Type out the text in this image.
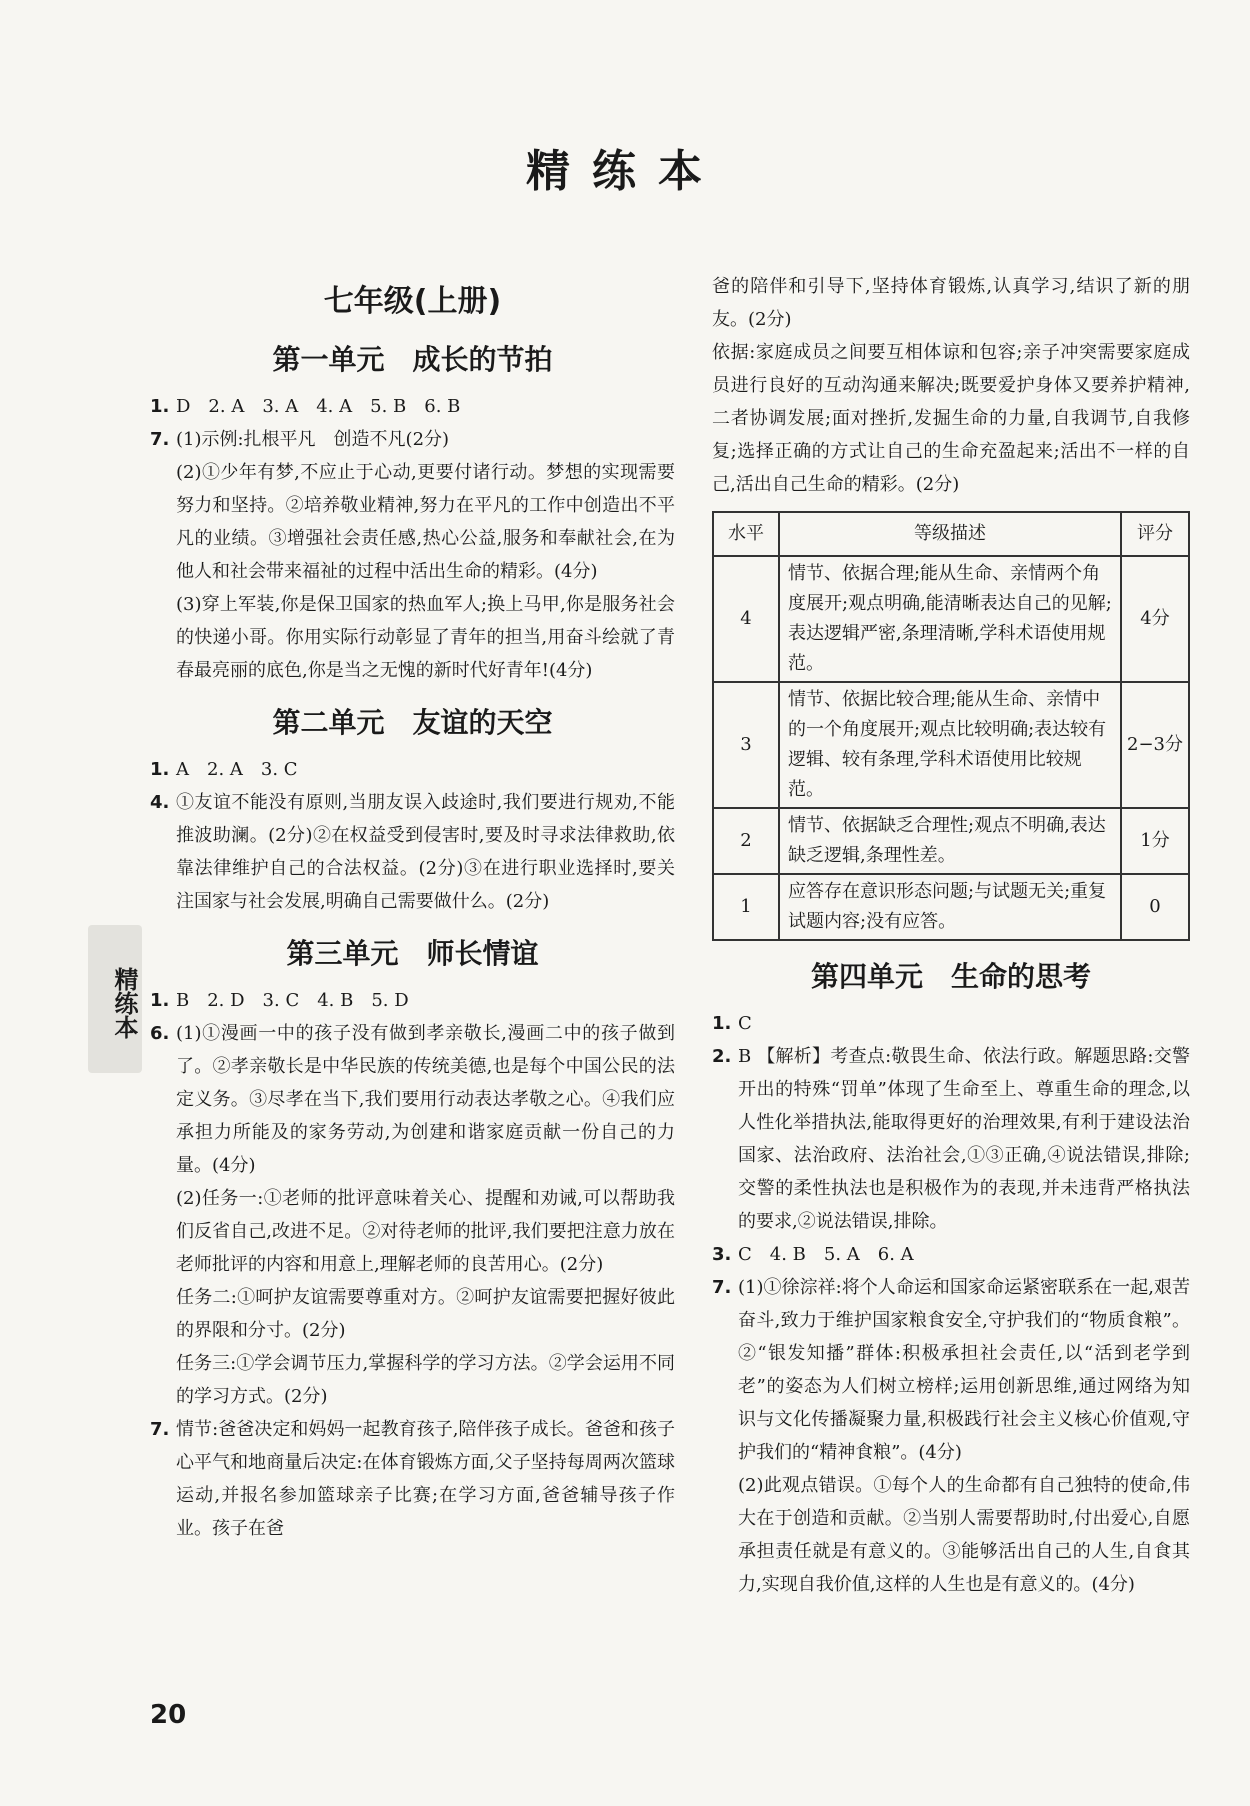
精练本
精练本
七年级(上册)
第一单元　成长的节拍
1. D　2. A　3. A　4. A　5. B　6. B
7. (1)示例:扎根平凡　创造不凡(2分)
(2)①少年有梦,不应止于心动,更要付诸行动。梦想的实现需要努力和坚持。②培养敬业精神,努力在平凡的工作中创造出不平凡的业绩。③增强社会责任感,热心公益,服务和奉献社会,在为他人和社会带来福祉的过程中活出生命的精彩。(4分)
(3)穿上军装,你是保卫国家的热血军人;换上马甲,你是服务社会的快递小哥。你用实际行动彰显了青年的担当,用奋斗绘就了青春最亮丽的底色,你是当之无愧的新时代好青年!(4分)
第二单元　友谊的天空
1. A　2. A　3. C
4. ①友谊不能没有原则,当朋友误入歧途时,我们要进行规劝,不能推波助澜。(2分)②在权益受到侵害时,要及时寻求法律救助,依靠法律维护自己的合法权益。(2分)③在进行职业选择时,要关注国家与社会发展,明确自己需要做什么。(2分)
第三单元　师长情谊
1. B　2. D　3. C　4. B　5. D
6. (1)①漫画一中的孩子没有做到孝亲敬长,漫画二中的孩子做到了。②孝亲敬长是中华民族的传统美德,也是每个中国公民的法定义务。③尽孝在当下,我们要用行动表达孝敬之心。④我们应承担力所能及的家务劳动,为创建和谐家庭贡献一份自己的力量。(4分)
(2)任务一:①老师的批评意味着关心、提醒和劝诫,可以帮助我们反省自己,改进不足。②对待老师的批评,我们要把注意力放在老师批评的内容和用意上,理解老师的良苦用心。(2分)
任务二:①呵护友谊需要尊重对方。②呵护友谊需要把握好彼此的界限和分寸。(2分)
任务三:①学会调节压力,掌握科学的学习方法。②学会运用不同的学习方式。(2分)
7. 情节:爸爸决定和妈妈一起教育孩子,陪伴孩子成长。爸爸和孩子心平气和地商量后决定:在体育锻炼方面,父子坚持每周两次篮球运动,并报名参加篮球亲子比赛;在学习方面,爸爸辅导孩子作业。孩子在爸
爸的陪伴和引导下,坚持体育锻炼,认真学习,结识了新的朋友。(2分)
依据:家庭成员之间要互相体谅和包容;亲子冲突需要家庭成员进行良好的互动沟通来解决;既要爱护身体又要养护精神,二者协调发展;面对挫折,发掘生命的力量,自我调节,自我修复;选择正确的方式让自己的生命充盈起来;活出不一样的自己,活出自己生命的精彩。(2分)
水平	等级描述	评分
4	情节、依据合理;能从生命、亲情两个角度展开;观点明确,能清晰表达自己的见解;表达逻辑严密,条理清晰,学科术语使用规范。	4分
3	情节、依据比较合理;能从生命、亲情中的一个角度展开;观点比较明确;表达较有逻辑、较有条理,学科术语使用比较规范。	2−3分
2	情节、依据缺乏合理性;观点不明确,表达缺乏逻辑,条理性差。	1分
1	应答存在意识形态问题;与试题无关;重复试题内容;没有应答。	0
第四单元　生命的思考
1. C
2. B 【解析】考查点:敬畏生命、依法行政。解题思路:交警开出的特殊“罚单”体现了生命至上、尊重生命的理念,以人性化举措执法,能取得更好的治理效果,有利于建设法治国家、法治政府、法治社会,①③正确,④说法错误,排除;交警的柔性执法也是积极作为的表现,并未违背严格执法的要求,②说法错误,排除。
3. C　4. B　5. A　6. A
7. (1)①徐淙祥:将个人命运和国家命运紧密联系在一起,艰苦奋斗,致力于维护国家粮食安全,守护我们的“物质食粮”。②“银发知播”群体:积极承担社会责任,以“活到老学到老”的姿态为人们树立榜样;运用创新思维,通过网络为知识与文化传播凝聚力量,积极践行社会主义核心价值观,守护我们的“精神食粮”。(4分)
(2)此观点错误。①每个人的生命都有自己独特的使命,伟大在于创造和贡献。②当别人需要帮助时,付出爱心,自愿承担责任就是有意义的。③能够活出自己的人生,自食其力,实现自我价值,这样的人生也是有意义的。(4分)
20
